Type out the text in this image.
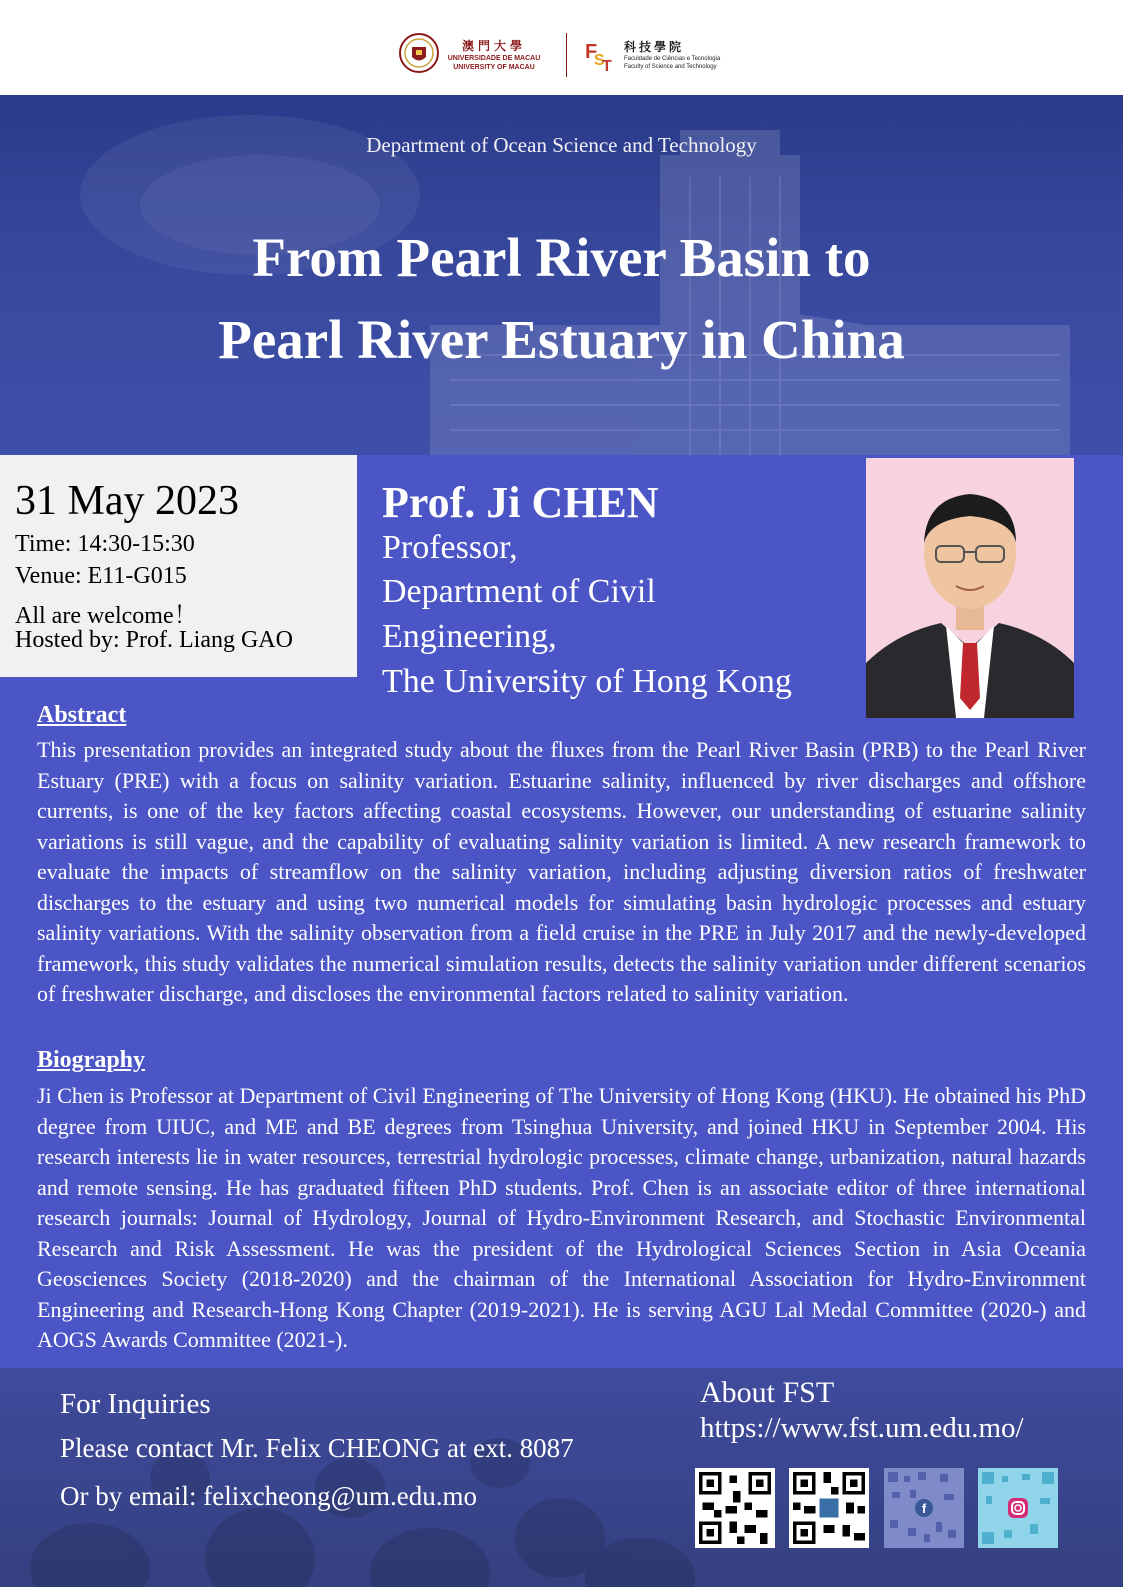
澳門大學
UNIVERSIDADE DE MACAU
UNIVERSITY OF MACAU
F
S
T
科技學院
Faculdade de Ciências e Tecnologia
Faculty of Science and Technology
Department of Ocean Science and Technology
From Pearl River Basin to
Pearl River Estuary in China
31 May 2023
Time: 14:30-15:30
Venue: E11-G015
All are welcome！
Hosted by: Prof. Liang GAO
Prof. Ji CHEN
Professor,
Department of Civil
Engineering,
The University of Hong Kong
Abstract

This presentation provides an integrated study about the fluxes from the Pearl River Basin (PRB) to the Pearl River Estuary (PRE) with a focus on salinity variation. Estuarine salinity, influenced by river discharges and offshore currents, is one of the key factors affecting coastal ecosystems. However, our understanding of estuarine salinity variations is still vague, and the capability of evaluating salinity variation is limited. A new research framework to evaluate the impacts of streamflow on the salinity variation, including adjusting diversion ratios of freshwater discharges to the estuary and using two numerical models for simulating basin hydrologic processes and estuary salinity variations. With the salinity observation from a field cruise in the PRE in July 2017 and the newly-developed framework, this study validates the numerical simulation results, detects the salinity variation under different scenarios of freshwater discharge, and discloses the environmental factors related to salinity variation.

Biography

Ji Chen is Professor at Department of Civil Engineering of The University of Hong Kong (HKU). He obtained his PhD degree from UIUC, and ME and BE degrees from Tsinghua University, and joined HKU in September 2004. His research interests lie in water resources, terrestrial hydrologic processes, climate change, urbanization, natural hazards and remote sensing. He has graduated fifteen PhD students. Prof. Chen is an associate editor of three international research journals: Journal of Hydrology, Journal of Hydro-Environment Research, and Stochastic Environmental Research and Risk Assessment. He was the president of the Hydrological Sciences Section in Asia Oceania Geosciences Society (2018-2020) and the chairman of the International Association for Hydro-Environment Engineering and Research-Hong Kong Chapter (2019-2021). He is serving AGU Lal Medal Committee (2020-) and AOGS Awards Committee (2021-).

For Inquiries
Please contact Mr. Felix CHEONG at ext. 8087
Or by email: felixcheong@um.edu.mo
About FST
https://www.fst.um.edu.mo/
f
